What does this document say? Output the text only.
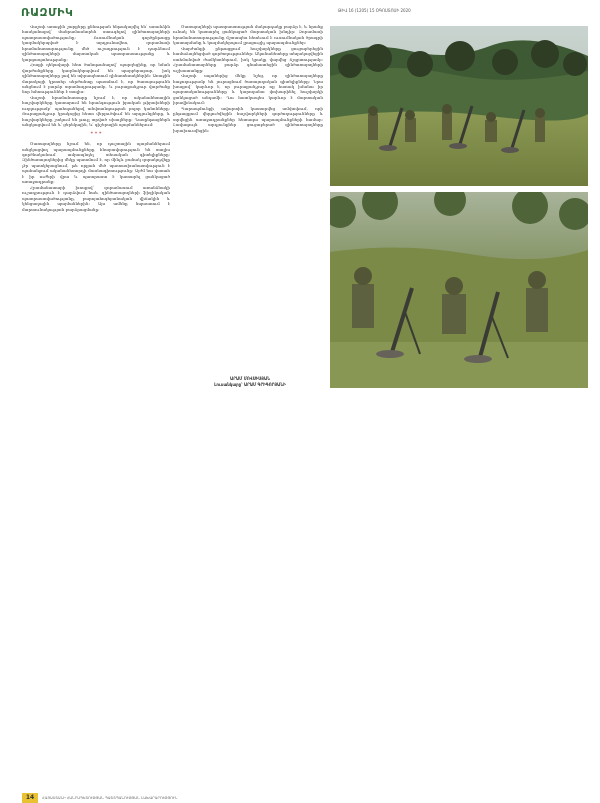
ՌԱԶՄԻԿ	ԹԻՎ 16 (1205) 15 ՕԳՈՍՏՈՍԻ 2020

Վաշտի առաջին շարքերը քննության ենթակայվել են՝ առանձին հասկանալով՝ մանրամասնորեն ստուգելով զինծառայողների պատրաստվածությունը։ Ուսումնական գործընթացը կազմակերպված է արդյունավետ, զորամասի հրամանատարությունը մեծ ուշադրություն է դարձնում զինծառայողների մարտական պատրաստությանը և կարգապահությանը։

Հոսքի ղեկավարի հետ ծանոթանալով՝ պարզեցինք, որ նման վարժանքները կազմակերպվում են պարբերաբար, իսկ զինծառայողները լավ են տիրապետում զինատեսակներին։ Առաջին մարտկոցի կրտսեր սերժանտը պատմում է, որ ծառայությունն անցնում է բարձր տրամադրությամբ, և յուրաքանչյուր վարժանք նոր հմտություններ է տալիս։

Վաշտի հրամանատարը նշում է, որ ականանետային հաշվարկները կատարում են հրաձգություն իրական թիրախների ուղղությամբ՝ պահպանելով անվտանգության բոլոր կանոնները։ Յուրաքանչյուր կրակոցից հետո վերլուծվում են արդյունքները, և հաշվարկները շտկում են թույլ տրված սխալները։ Դասընթացներն անցկացվում են և՛ ցերեկային, և՛ գիշերային պայմաններում։

* * *

Ծառայողները նշում են, որ դաշտային պայմաններում անցկացվող պարապմունքները հնարավորություն են տալիս գործնականում ամրապնդել տեսական գիտելիքները։ Զինծառայողներից մեկը պատմում է, որ մինչև բանակ զորակոչվելը չէր պատկերացնում, թե որքան մեծ պատասխանատվություն է պահանջում ականանետորդի մասնագիտությունը։ Այժմ նա վստահ է իր ուժերի վրա և պատրաստ է կատարել ցանկացած առաջադրանք։

Հրամանատարի խոսքով՝ զորամասում առանձնակի ուշադրություն է դարձվում նաև զինծառայողների ֆիզիկական պատրաստվածությանը, բարոյահոգեբանական վիճակին և կենցաղային պայմաններին։ Այս ամենը նպաստում է մարտունակության բարձրացմանը։

Ծառայողների պատրաստության մակարդակը բարձր է, և նրանք ունակ են կատարել ցանկացած մարտական խնդիր։ Զորամասի հրամանատարությունը մշտապես հետևում է ուսումնական ծրագրի կատարմանը և կազմակերպում լրացուցիչ պարապմունքներ։

Վարժանքի ընթացքում հաշվարկները ցուցաբերեցին համաձայնեցված գործողություններ։ Ականանետերը տեղակայվեցին սահմանված ժամկետներում, իսկ կրակը վարվեց ճշգրտությամբ։ Հրամանատարները բարձր գնահատեցին զինծառայողների աշխատանքը։

Վաշտի սպաներից մեկը նշեց, որ զինծառայողները հաջողությամբ են յուրացնում ծառայողական գիտելիքները։ Նրա խոսքով՝ կարևոր է, որ յուրաքանչյուր ոք հստակ իմանա իր պարտականությունները և կարողանա փոխարինել հաշվարկի ցանկացած անդամի։ Դա հատկապես կարևոր է մարտական իրավիճակում։

Պարապմունքի ավարտին կատարվեց ամփոփում, որի ընթացքում վերլուծվեցին հաշվարկների գործողությունները և տրվեցին առաջադրանքներ հետագա պարապմունքների համար։ Լավագույն արդյունքներ ցուցաբերած զինծառայողները խրախուսվեցին։

ԱՐԱՄ ՄՈՎՍԻՍՅԱՆ
Լուսանկարը՝ ԱՐԱՄ ԳՐԻԳՈՐՅԱՆԻ
14	ՀԱՅԱՍՏԱՆԻ ՀԱՆՐԱՊԵՏՈՒԹՅԱՆ ՊԱՇՏՊԱՆՈՒԹՅԱՆ ՆԱԽԱՐԱՐՈՒԹՅՈՒՆ
